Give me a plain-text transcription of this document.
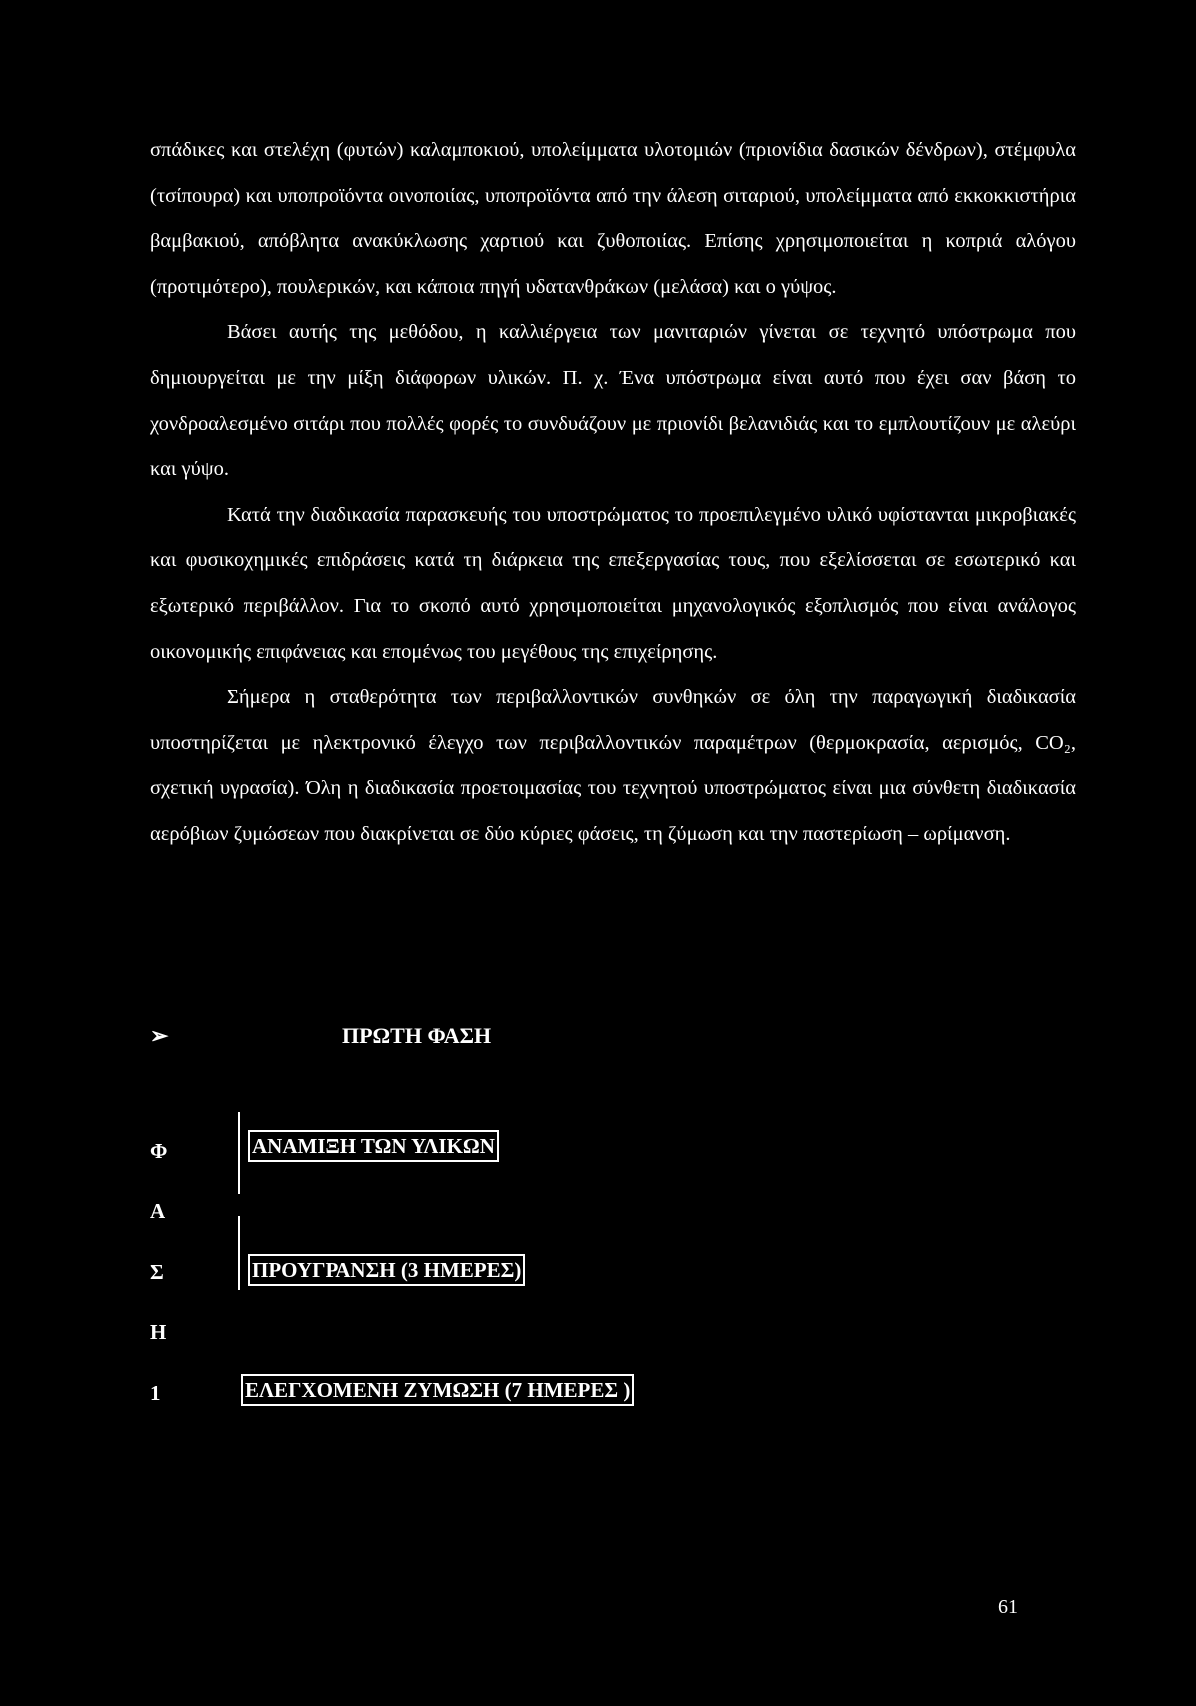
σπάδικες και στελέχη (φυτών) καλαμποκιού, υπολείμματα υλοτομιών (πριονίδια δασικών δένδρων), στέμφυλα (τσίπουρα) και υποπροϊόντα οινοποιίας, υποπροϊόντα από την άλεση σιταριού, υπολείμματα από εκκοκκιστήρια βαμβακιού, απόβλητα ανακύκλωσης χαρτιού και ζυθοποιίας. Επίσης χρησιμοποιείται η κοπριά αλόγου (προτιμότερο), πουλερικών, και κάποια πηγή υδατανθράκων (μελάσα) και ο γύψος.

Βάσει αυτής της μεθόδου, η καλλιέργεια των μανιταριών γίνεται σε τεχνητό υπόστρωμα που δημιουργείται με την μίξη διάφορων υλικών. Π. χ. Ένα υπόστρωμα είναι αυτό που έχει σαν βάση το χονδροαλεσμένο σιτάρι που πολλές φορές το συνδυάζουν με πριονίδι βελανιδιάς και το εμπλουτίζουν με αλεύρι και γύψο.

Κατά την διαδικασία παρασκευής του υποστρώματος το προεπιλεγμένο υλικό υφίστανται μικροβιακές και φυσικοχημικές επιδράσεις κατά τη διάρκεια της επεξεργασίας τους, που εξελίσσεται σε εσωτερικό και εξωτερικό περιβάλλον. Για το σκοπό αυτό χρησιμοποιείται μηχανολογικός εξοπλισμός που είναι ανάλογος οικονομικής επιφάνειας και επομένως του μεγέθους της επιχείρησης.

Σήμερα η σταθερότητα των περιβαλλοντικών συνθηκών σε όλη την παραγωγική διαδικασία υποστηρίζεται με ηλεκτρονικό έλεγχο των περιβαλλοντικών παραμέτρων (θερμοκρασία, αερισμός, CO₂, σχετική υγρασία). Όλη η διαδικασία προετοιμασίας του τεχνητού υποστρώματος είναι μια σύνθετη διαδικασία αερόβιων ζυμώσεων που διακρίνεται σε δύο κύριες φάσεις, τη ζύμωση και την παστερίωση – ωρίμανση.

➢	ΠΡΩΤΗ ΦΑΣΗ
Φ
Α
Σ
Η
1
ΑΝΑΜΙΞΗ ΤΩΝ ΥΛΙΚΩΝ
ΠΡΟΥΓΡΑΝΣΗ (3 ΗΜΕΡΕΣ)
ΕΛΕΓΧΟΜΕΝΗ ΖΥΜΩΣΗ (7 ΗΜΕΡΕΣ )
61
